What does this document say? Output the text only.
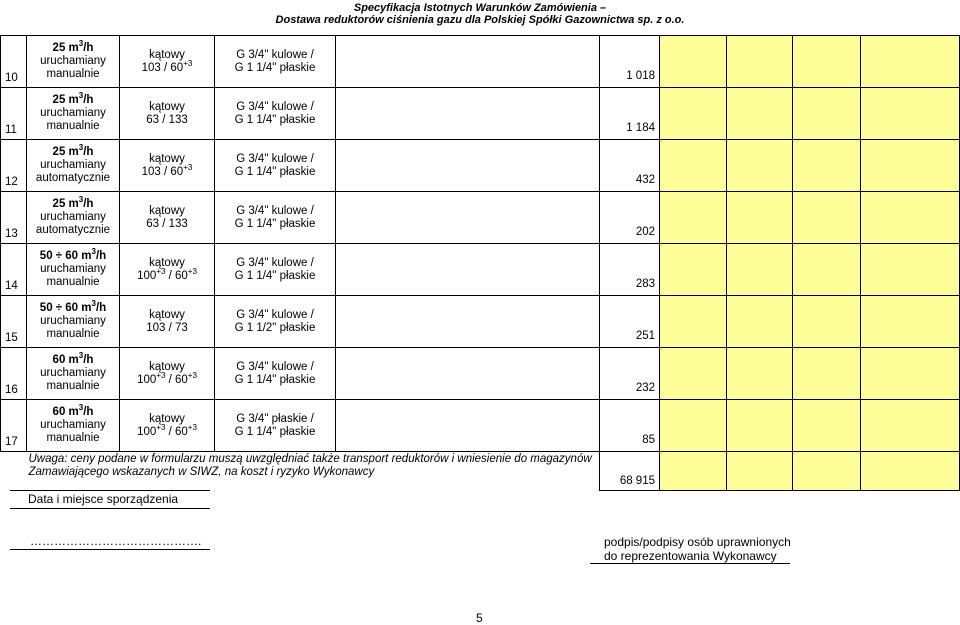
Specyfikacja Istotnych Warunków Zamówienia –
Dostawa reduktorów ciśnienia gazu dla Polskiej Spółki Gazownictwa sp. z o.o.
10	25 $m^3/h$
uruchamiany
manualnie	kątowy
$103 / 60^{+3}$	G 3/4" kulowe /
G 1 1/4" płaskie		1 018				
11	25 $m^3/h$
uruchamiany
manualnie	kątowy
63 / 133	G 3/4" kulowe /
G 1 1/4" płaskie		1 184				
12	25 $m^3/h$
uruchamiany
automatycznie	kątowy
$103 / 60^{+3}$	G 3/4" kulowe /
G 1 1/4" płaskie		432				
13	25 $m^3/h$
uruchamiany
automatycznie	kątowy
63 / 133	G 3/4" kulowe /
G 1 1/4" płaskie		202				
14	50 ÷ 60 $m^3/h$
uruchamiany
manualnie	kątowy
$100^{+3} / 60^{+3}$	G 3/4" kulowe /
G 1 1/4" płaskie		283				
15	50 ÷ 60 $m^3/h$
uruchamiany
manualnie	kątowy
103 / 73	G 3/4" kulowe /
G 1 1/2" płaskie		251				
16	60 $m^3/h$
uruchamiany
manualnie	kątowy
$100^{+3} / 60^{+3}$	G 3/4" kulowe /
G 1 1/4" płaskie		232				
17	60 $m^3/h$
uruchamiany
manualnie	kątowy
$100^{+3} / 60^{+3}$	G 3/4" płaskie /
G 1 1/4" płaskie		85				
	Uwaga: ceny podane w formularzu muszą uwzględniać także transport reduktorów i wniesienie do magazynów Zamawiającego wskazanych w SIWZ, na koszt i ryzyko Wykonawcy				68 915				
Data i miejsce sporządzenia
…………………………………….	podpis/podpisy osób uprawnionych
do reprezentowania Wykonawcy
5
